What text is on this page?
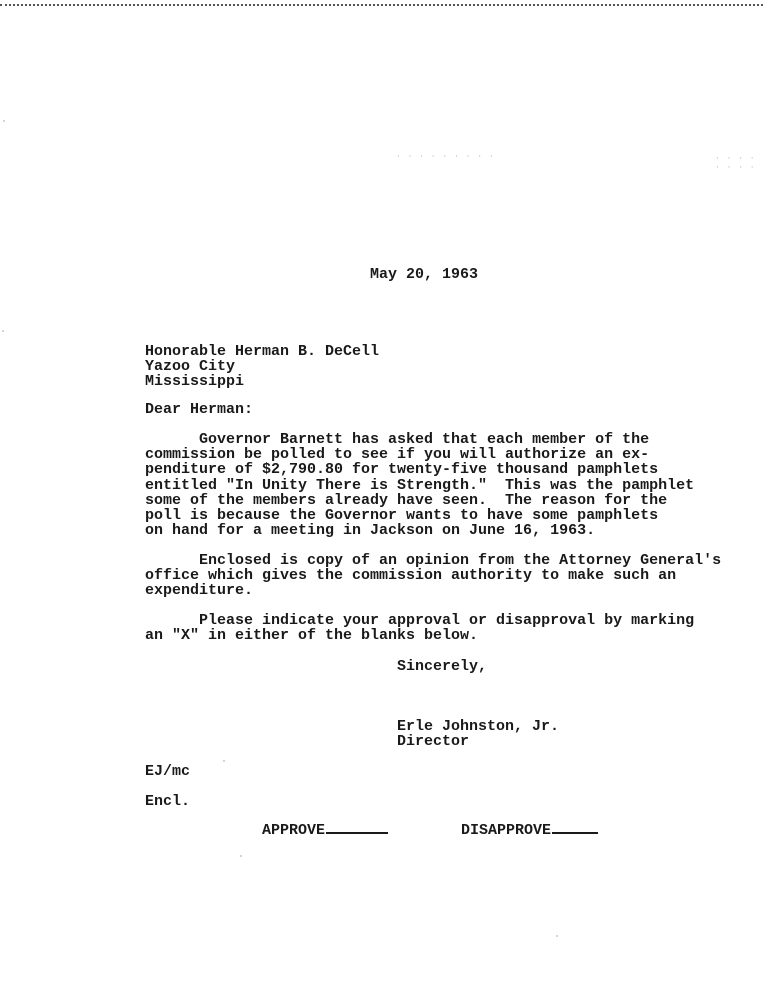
· · · · · · · · ·	· · · · · · · ·
May 20, 1963
Honorable Herman B. DeCell
Yazoo City
Mississippi
Dear Herman:
Governor Barnett has asked that each member of the
commission be polled to see if you will authorize an ex-
penditure of $2,790.80 for twenty-five thousand pamphlets
entitled "In Unity There is Strength."  This was the pamphlet
some of the members already have seen.  The reason for the
poll is because the Governor wants to have some pamphlets
on hand for a meeting in Jackson on June 16, 1963.
Enclosed is copy of an opinion from the Attorney General's
office which gives the commission authority to make such an
expenditure.
Please indicate your approval or disapproval by marking
an "X" in either of the blanks below.
Sincerely,
Erle Johnston, Jr.
Director
EJ/mc
Encl.
APPROVE	DISAPPROVE
